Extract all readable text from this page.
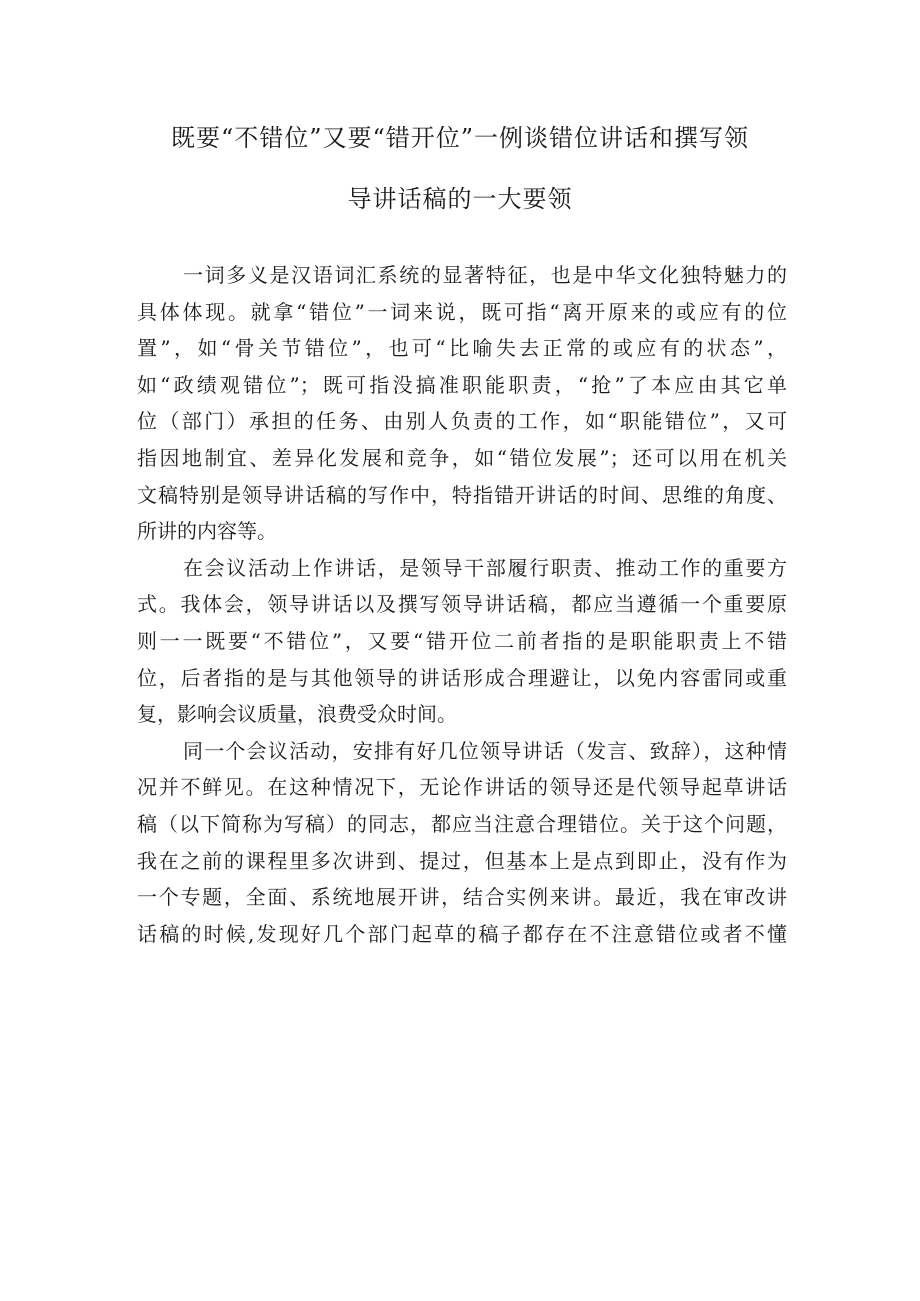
既要“不错位”又要“错开位”一例谈错位讲话和撰写领
导讲话稿的一大要领
一词多义是汉语词汇系统的显著特征，也是中华文化独特魅力的
具体体现。就拿“错位”一词来说，既可指“离开原来的或应有的位
置”，如“骨关节错位”，也可“比喻失去正常的或应有的状态”，
如“政绩观错位”；既可指没搞准职能职责，“抢”了本应由其它单
位（部门）承担的任务、由别人负责的工作，如“职能错位”，又可
指因地制宜、差异化发展和竞争，如“错位发展”；还可以用在机关
文稿特别是领导讲话稿的写作中，特指错开讲话的时间、思维的角度、
所讲的内容等。
在会议活动上作讲话，是领导干部履行职责、推动工作的重要方
式。我体会，领导讲话以及撰写领导讲话稿，都应当遵循一个重要原
则一一既要“不错位”，又要“错开位二前者指的是职能职责上不错
位，后者指的是与其他领导的讲话形成合理避让，以免内容雷同或重
复，影响会议质量，浪费受众时间。
同一个会议活动，安排有好几位领导讲话（发言、致辞），这种情
况并不鲜见。在这种情况下，无论作讲话的领导还是代领导起草讲话
稿（以下简称为写稿）的同志，都应当注意合理错位。关于这个问题，
我在之前的课程里多次讲到、提过，但基本上是点到即止，没有作为
一个专题，全面、系统地展开讲，结合实例来讲。最近，我在审改讲
话稿的时候,发现好几个部门起草的稿子都存在不注意错位或者不懂
